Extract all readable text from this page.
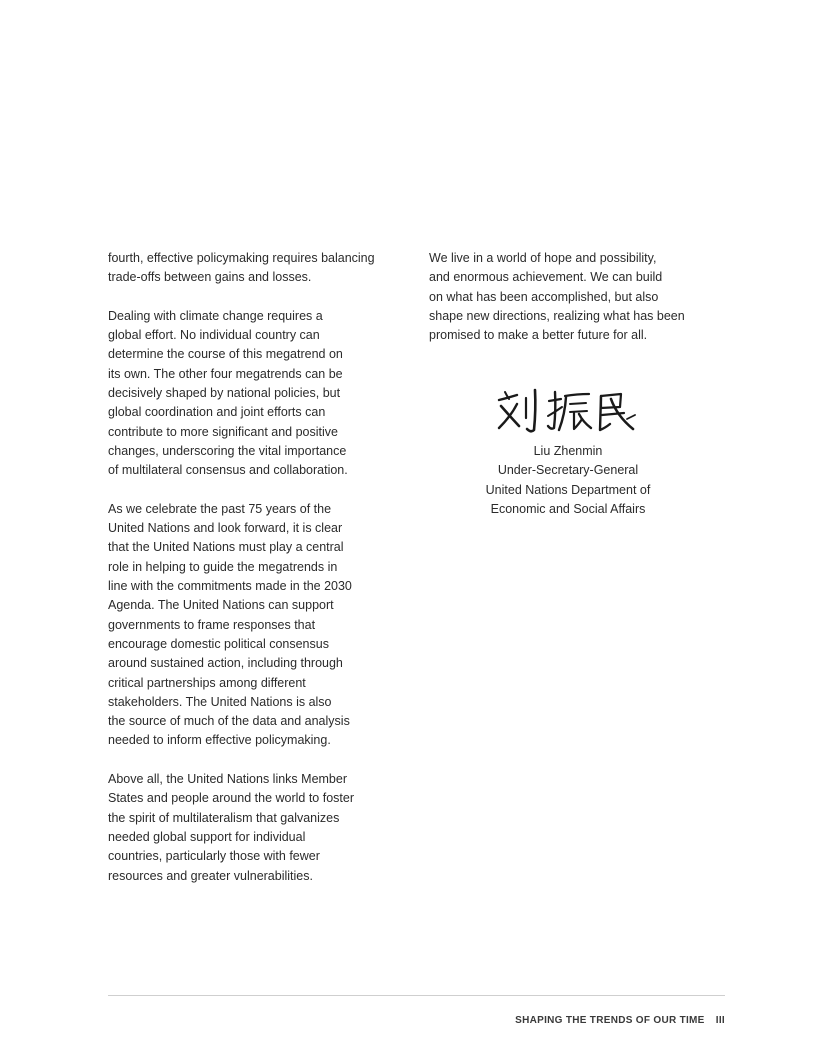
fourth, effective policymaking requires balancing
trade-offs between gains and losses.

Dealing with climate change requires a
global effort. No individual country can
determine the course of this megatrend on
its own. The other four megatrends can be
decisively shaped by national policies, but
global coordination and joint efforts can
contribute to more significant and positive
changes, underscoring the vital importance
of multilateral consensus and collaboration.

As we celebrate the past 75 years of the
United Nations and look forward, it is clear
that the United Nations must play a central
role in helping to guide the megatrends in
line with the commitments made in the 2030
Agenda. The United Nations can support
governments to frame responses that
encourage domestic political consensus
around sustained action, including through
critical partnerships among different
stakeholders. The United Nations is also
the source of much of the data and analysis
needed to inform effective policymaking.

Above all, the United Nations links Member
States and people around the world to foster
the spirit of multilateralism that galvanizes
needed global support for individual
countries, particularly those with fewer
resources and greater vulnerabilities.

We live in a world of hope and possibility,
and enormous achievement. We can build
on what has been accomplished, but also
shape new directions, realizing what has been
promised to make a better future for all.

Liu Zhenmin
Under-Secretary-General
United Nations Department of
Economic and Social Affairs
SHAPING THE TRENDS OF OUR TIME III
